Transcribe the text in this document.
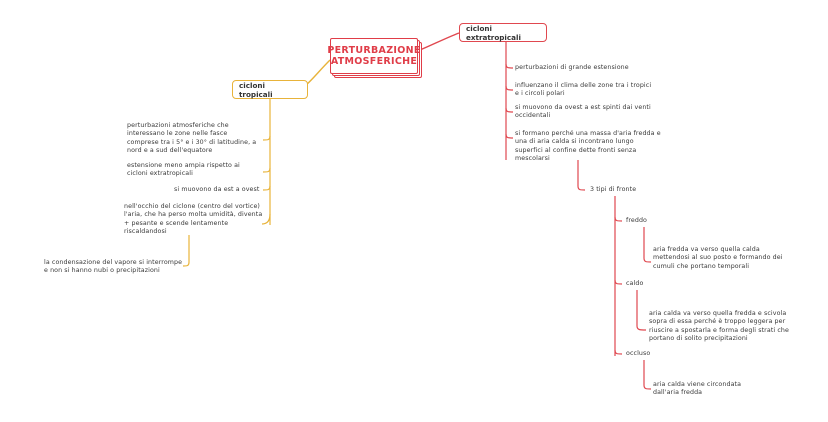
PERTURBAZIONE
ATMOSFERICHE
cicloni tropicali
cicloni extratropicali
perturbazioni atmosferiche che interessano le zone nelle fasce comprese tra i 5° e i 30° di latitudine, a nord e a sud dell'equatore
estensione meno ampia rispetto ai cicloni extratropicali
si muovono da est a ovest
nell'occhio del ciclone (centro del vortice) l'aria, che ha perso molta umidità, diventa + pesante e scende lentamente riscaldandosi
la condensazione del vapore si interrompe e non si hanno nubi o precipitazioni
perturbazioni di grande estensione
influenzano il clima delle zone tra i tropici e i circoli polari
si muovono da ovest a est spinti dai venti occidentali
si formano perché una massa d'aria fredda e una di aria calda si incontrano lungo superfici al confine dette fronti senza mescolarsi
3 tipi di fronte
freddo
aria fredda va verso quella calda mettendosi al suo posto e formando dei cumuli che portano temporali
caldo
aria calda va verso quella fredda e scivola sopra di essa perché è troppo leggera per riuscire a spostarla e forma degli strati che portano di solito precipitazioni
occluso
aria calda viene circondata dall'aria fredda
